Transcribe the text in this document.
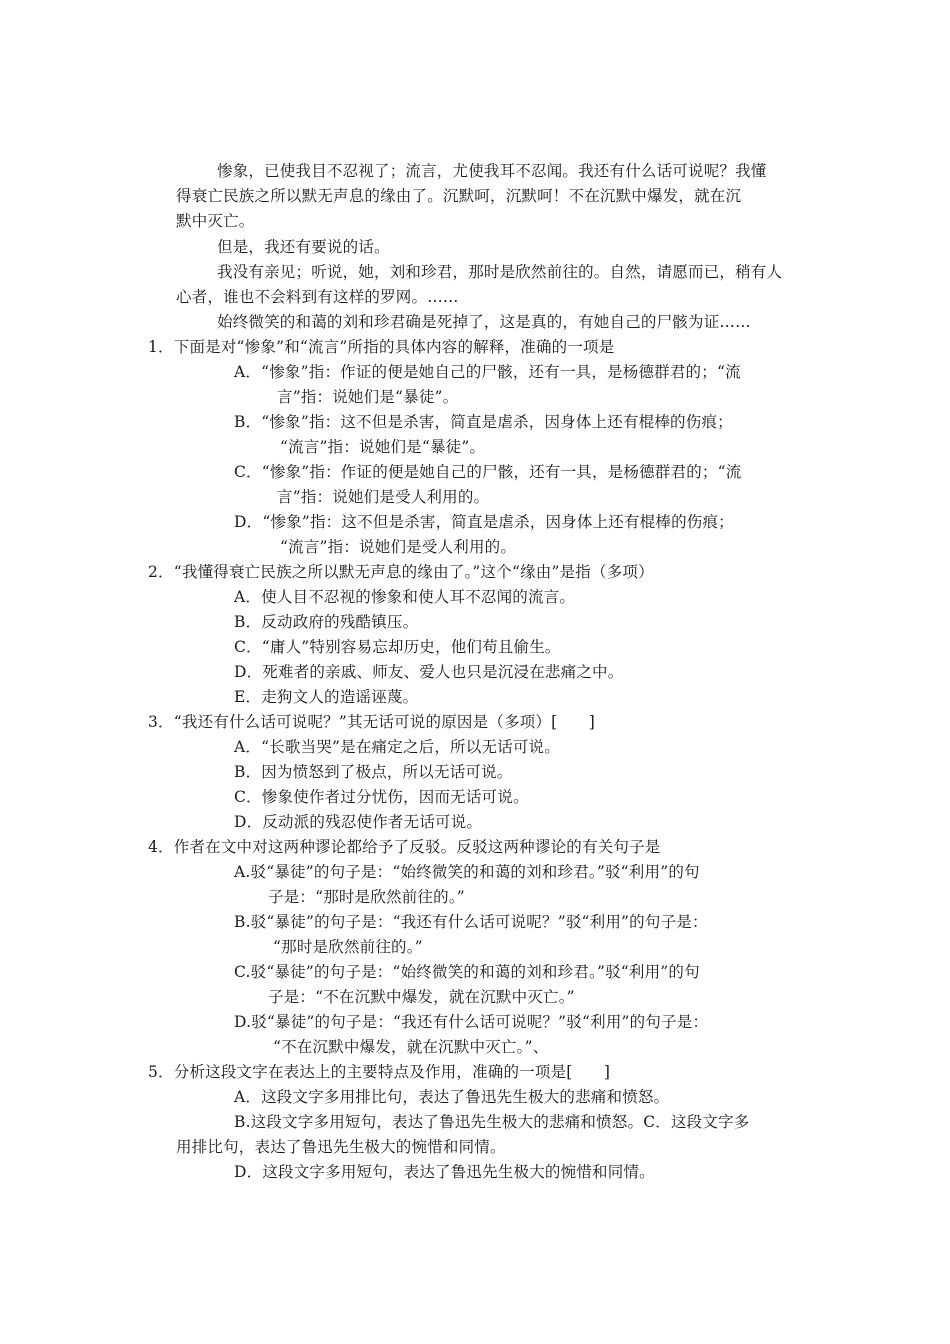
惨象，已使我目不忍视了；流言，尤使我耳不忍闻。我还有什么话可说呢？我懂
得衰亡民族之所以默无声息的缘由了。沉默呵，沉默呵！不在沉默中爆发，就在沉
默中灭亡。
但是，我还有要说的话。
我没有亲见；听说，她，刘和珍君，那时是欣然前往的。自然，请愿而已，稍有人
心者，谁也不会料到有这样的罗网。……
始终微笑的和蔼的刘和珍君确是死掉了，这是真的，有她自己的尸骸为证……
1．下面是对“惨象”和“流言”所指的具体内容的解释，准确的一项是
A．“惨象”指：作证的便是她自己的尸骸，还有一具，是杨德群君的；“流
言”指：说她们是“暴徒”。
B．“惨象”指：这不但是杀害，简直是虐杀，因身体上还有棍棒的伤痕；
“流言”指：说她们是“暴徒”。
C．“惨象”指：作证的便是她自己的尸骸，还有一具，是杨德群君的；“流
言”指：说她们是受人利用的。
D．“惨象”指：这不但是杀害，简直是虐杀，因身体上还有棍棒的伤痕；
“流言”指：说她们是受人利用的。
2．“我懂得衰亡民族之所以默无声息的缘由了。”这个“缘由”是指（多项）
A．使人目不忍视的惨象和使人耳不忍闻的流言。
B．反动政府的残酷镇压。
C．“庸人”特别容易忘却历史，他们苟且偷生。
D．死难者的亲戚、师友、爱人也只是沉浸在悲痛之中。
E．走狗文人的造谣诬蔑。
3．“我还有什么话可说呢？”其无话可说的原因是（多项）[　　]
A．“长歌当哭”是在痛定之后，所以无话可说。
B．因为愤怒到了极点，所以无话可说。
C．惨象使作者过分忧伤，因而无话可说。
D．反动派的残忍使作者无话可说。
4．作者在文中对这两种谬论都给予了反驳。反驳这两种谬论的有关句子是
A.驳“暴徒”的句子是：“始终微笑的和蔼的刘和珍君。”驳“利用”的句
子是：“那时是欣然前往的。”
B.驳“暴徒”的句子是：“我还有什么话可说呢？”驳“利用”的句子是：
“那时是欣然前往的。”
C.驳“暴徒”的句子是：“始终微笑的和蔼的刘和珍君。”驳“利用”的句
子是：“不在沉默中爆发，就在沉默中灭亡。”
D.驳“暴徒”的句子是：“我还有什么话可说呢？”驳“利用”的句子是：
“不在沉默中爆发，就在沉默中灭亡。”、
5．分析这段文字在表达上的主要特点及作用，准确的一项是[　　]
A．这段文字多用排比句，表达了鲁迅先生极大的悲痛和愤怒。
B.这段文字多用短句，表达了鲁迅先生极大的悲痛和愤怒。C．这段文字多
用排比句，表达了鲁迅先生极大的惋惜和同情。
D．这段文字多用短句，表达了鲁迅先生极大的惋惜和同情。
